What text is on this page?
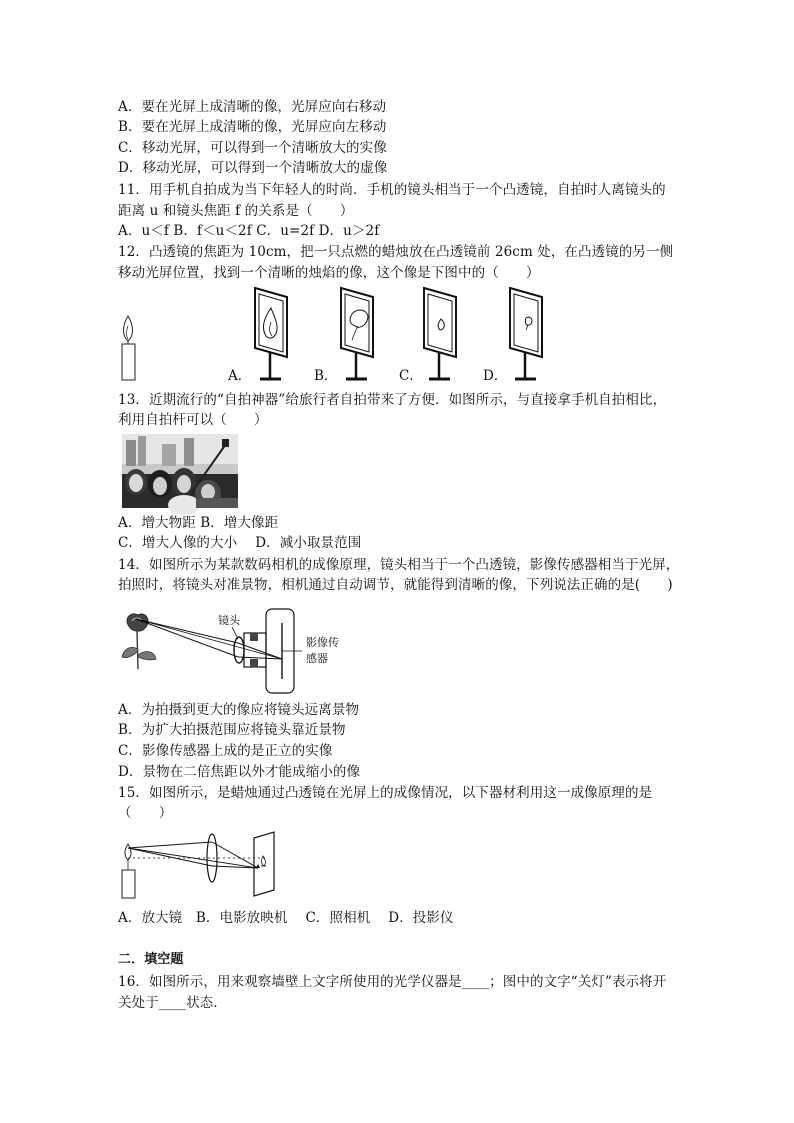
A．要在光屏上成清晰的像，光屏应向右移动
B．要在光屏上成清晰的像，光屏应向左移动
C．移动光屏，可以得到一个清晰放大的实像
D．移动光屏，可以得到一个清晰放大的虚像
11．用手机自拍成为当下年轻人的时尚．手机的镜头相当于一个凸透镜，自拍时人离镜头的
距离 u 和镜头焦距 f 的关系是（　　）
A．u＜f B．f＜u＜2f C．u=2f D．u＞2f
12．凸透镜的焦距为 10cm，把一只点燃的蜡烛放在凸透镜前 26cm 处，在凸透镜的另一侧
移动光屏位置，找到一个清晰的烛焰的像，这个像是下图中的（　　）
A．	B．	C．	D．
13．近期流行的“自拍神器”给旅行者自拍带来了方便．如图所示，与直接拿手机自拍相比，
利用自拍杆可以（　　）
A．增大物距 B．增大像距
C．增大人像的大小　 D．减小取景范围
14．如图所示为某款数码相机的成像原理，镜头相当于一个凸透镜，影像传感器相当于光屏，
拍照时，将镜头对准景物，相机通过自动调节，就能得到清晰的像，下列说法正确的是(　　)
镜头
影像传
感器
A．为拍摄到更大的像应将镜头远离景物
B．为扩大拍摄范围应将镜头靠近景物
C．影像传感器上成的是正立的实像
D．景物在二倍焦距以外才能成缩小的像
15．如图所示，是蜡烛通过凸透镜在光屏上的成像情况，以下器材利用这一成像原理的是
（　　）
A．放大镜　B．电影放映机　 C．照相机　 D．投影仪
二．填空题
16．如图所示，用来观察墙壁上文字所使用的光学仪器是____；图中的文字“关灯”表示将开
关处于____状态．
